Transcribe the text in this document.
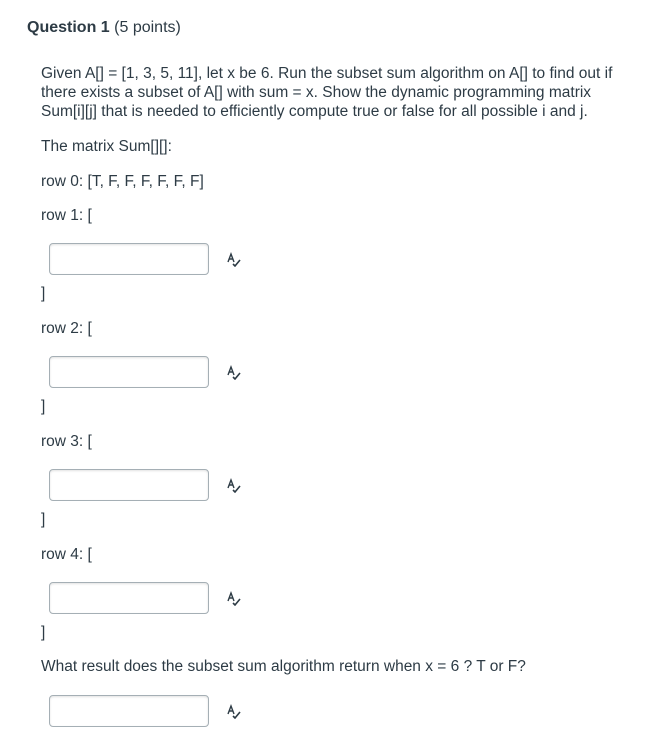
Question 1 (5 points)
Given A[] = [1, 3, 5, 11], let x be 6. Run the subset sum algorithm on A[] to find out if
there exists a subset of A[] with sum = x. Show the dynamic programming matrix
Sum[i][j] that is needed to efficiently compute true or false for all possible i and j.
The matrix Sum[][]:
row 0: [T, F, F, F, F, F, F]
row 1: [
]
row 2: [
]
row 3: [
]
row 4: [
]
What result does the subset sum algorithm return when x = 6 ? T or F?
